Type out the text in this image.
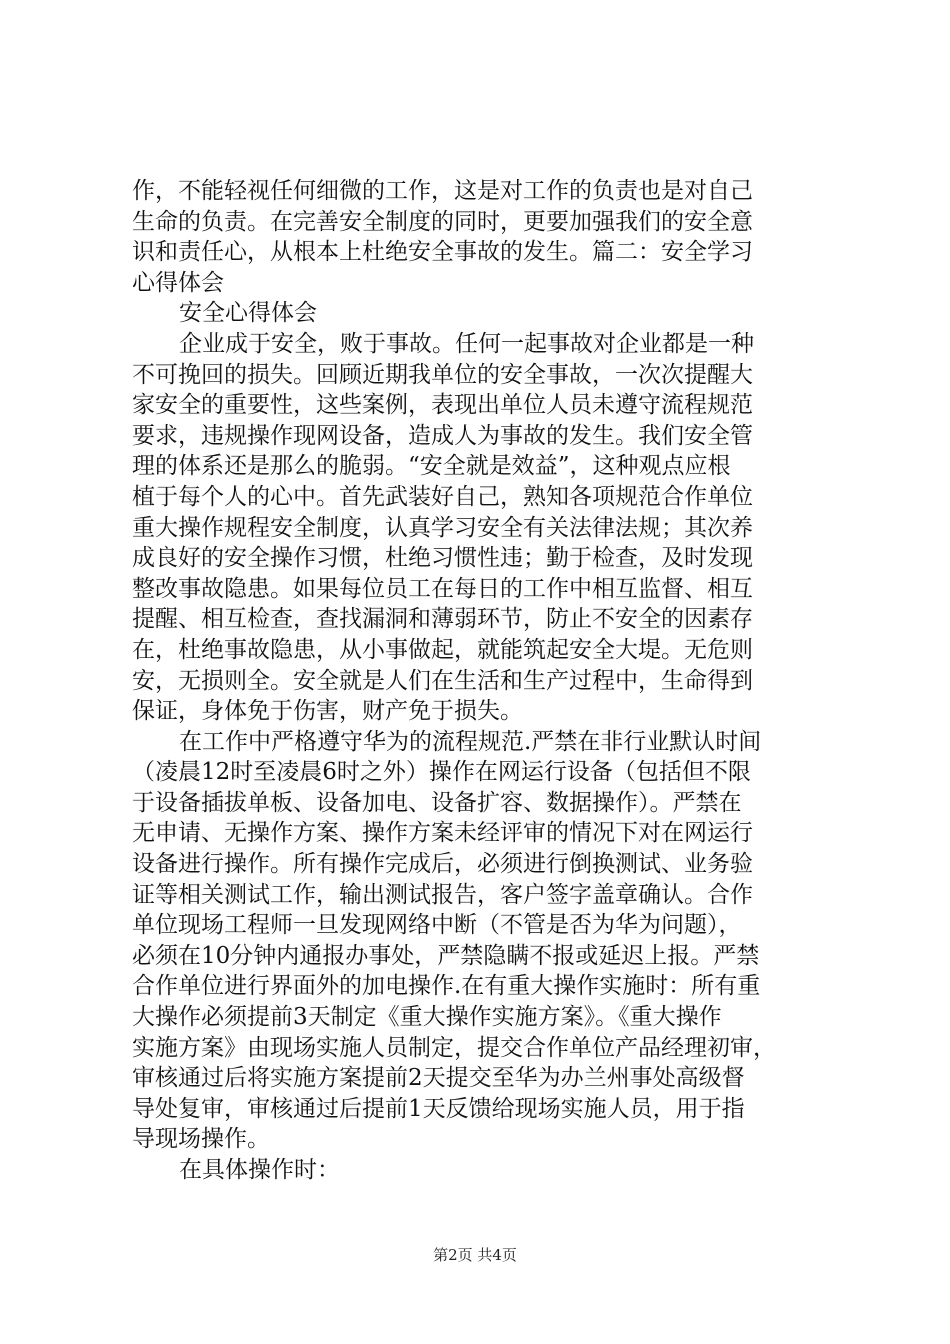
作，不能轻视任何细微的工作，这是对工作的负责也是对自己
生命的负责。在完善安全制度的同时，更要加强我们的安全意
识和责任心，从根本上杜绝安全事故的发生。篇二：安全学习
心得体会
安全心得体会
企业成于安全，败于事故。任何一起事故对企业都是一种
不可挽回的损失。回顾近期我单位的安全事故，一次次提醒大
家安全的重要性，这些案例，表现出单位人员未遵守流程规范
要求，违规操作现网设备，造成人为事故的发生。我们安全管
理的体系还是那么的脆弱。“安全就是效益”，这种观点应根
植于每个人的心中。首先武装好自己，熟知各项规范合作单位
重大操作规程安全制度，认真学习安全有关法律法规；其次养
成良好的安全操作习惯，杜绝习惯性违；勤于检查，及时发现
整改事故隐患。如果每位员工在每日的工作中相互监督、相互
提醒、相互检查，查找漏洞和薄弱环节，防止不安全的因素存
在，杜绝事故隐患，从小事做起，就能筑起安全大堤。无危则
安，无损则全。安全就是人们在生活和生产过程中，生命得到
保证，身体免于伤害，财产免于损失。
在工作中严格遵守华为的流程规范.严禁在非行业默认时间
（凌晨12时至凌晨6时之外）操作在网运行设备（包括但不限
于设备插拔单板、设备加电、设备扩容、数据操作）。严禁在
无申请、无操作方案、操作方案未经评审的情况下对在网运行
设备进行操作。所有操作完成后，必须进行倒换测试、业务验
证等相关测试工作，输出测试报告，客户签字盖章确认。合作
单位现场工程师一旦发现网络中断（不管是否为华为问题），
必须在10分钟内通报办事处，严禁隐瞒不报或延迟上报。严禁
合作单位进行界面外的加电操作.在有重大操作实施时：所有重
大操作必须提前3天制定《重大操作实施方案》。《重大操作
实施方案》由现场实施人员制定，提交合作单位产品经理初审，
审核通过后将实施方案提前2天提交至华为办兰州事处高级督
导处复审，审核通过后提前1天反馈给现场实施人员，用于指
导现场操作。
在具体操作时：
第2页 共4页
